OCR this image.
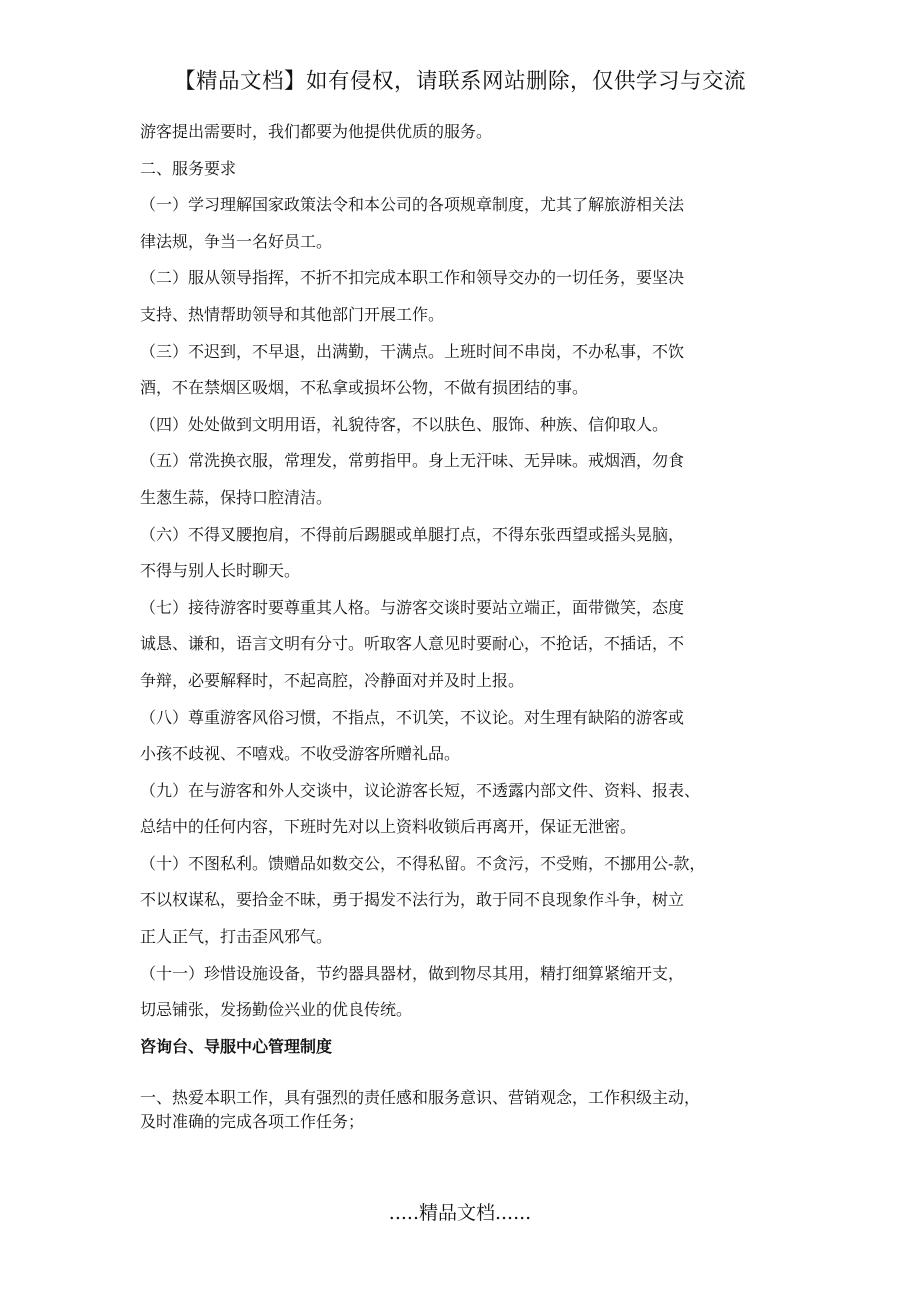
【精品文档】如有侵权，请联系网站删除，仅供学习与交流
游客提出需要时，我们都要为他提供优质的服务。
二、服务要求
（一）学习理解国家政策法令和本公司的各项规章制度，尤其了解旅游相关法
律法规，争当一名好员工。
（二）服从领导指挥，不折不扣完成本职工作和领导交办的一切任务，要坚决
支持、热情帮助领导和其他部门开展工作。
（三）不迟到，不早退，出满勤，干满点。上班时间不串岗，不办私事，不饮
酒，不在禁烟区吸烟，不私拿或损坏公物，不做有损团结的事。
（四）处处做到文明用语，礼貌待客，不以肤色、服饰、种族、信仰取人。
（五）常洗换衣服，常理发，常剪指甲。身上无汗味、无异味。戒烟酒，勿食
生葱生蒜，保持口腔清洁。
（六）不得叉腰抱肩，不得前后踢腿或单腿打点，不得东张西望或摇头晃脑，
不得与别人长时聊天。
（七）接待游客时要尊重其人格。与游客交谈时要站立端正，面带微笑，态度
诚恳、谦和，语言文明有分寸。听取客人意见时要耐心，不抢话，不插话，不
争辩，必要解释时，不起高腔，冷静面对并及时上报。
（八）尊重游客风俗习惯，不指点，不讥笑，不议论。对生理有缺陷的游客或
小孩不歧视、不嘻戏。不收受游客所赠礼品。
（九）在与游客和外人交谈中，议论游客长短，不透露内部文件、资料、报表、
总结中的任何内容，下班时先对以上资料收锁后再离开，保证无泄密。
（十）不图私利。馈赠品如数交公，不得私留。不贪污，不受贿，不挪用公-款，
不以权谋私，要拾金不昧，勇于揭发不法行为，敢于同不良现象作斗争，树立
正人正气，打击歪风邪气。
（十一）珍惜设施设备，节约器具器材，做到物尽其用，精打细算紧缩开支，
切忌铺张，发扬勤俭兴业的优良传统。
咨询台、导服中心管理制度
一、热爱本职工作，具有强烈的责任感和服务意识、营销观念，工作积级主动，
及时准确的完成各项工作任务；
.....精品文档......
